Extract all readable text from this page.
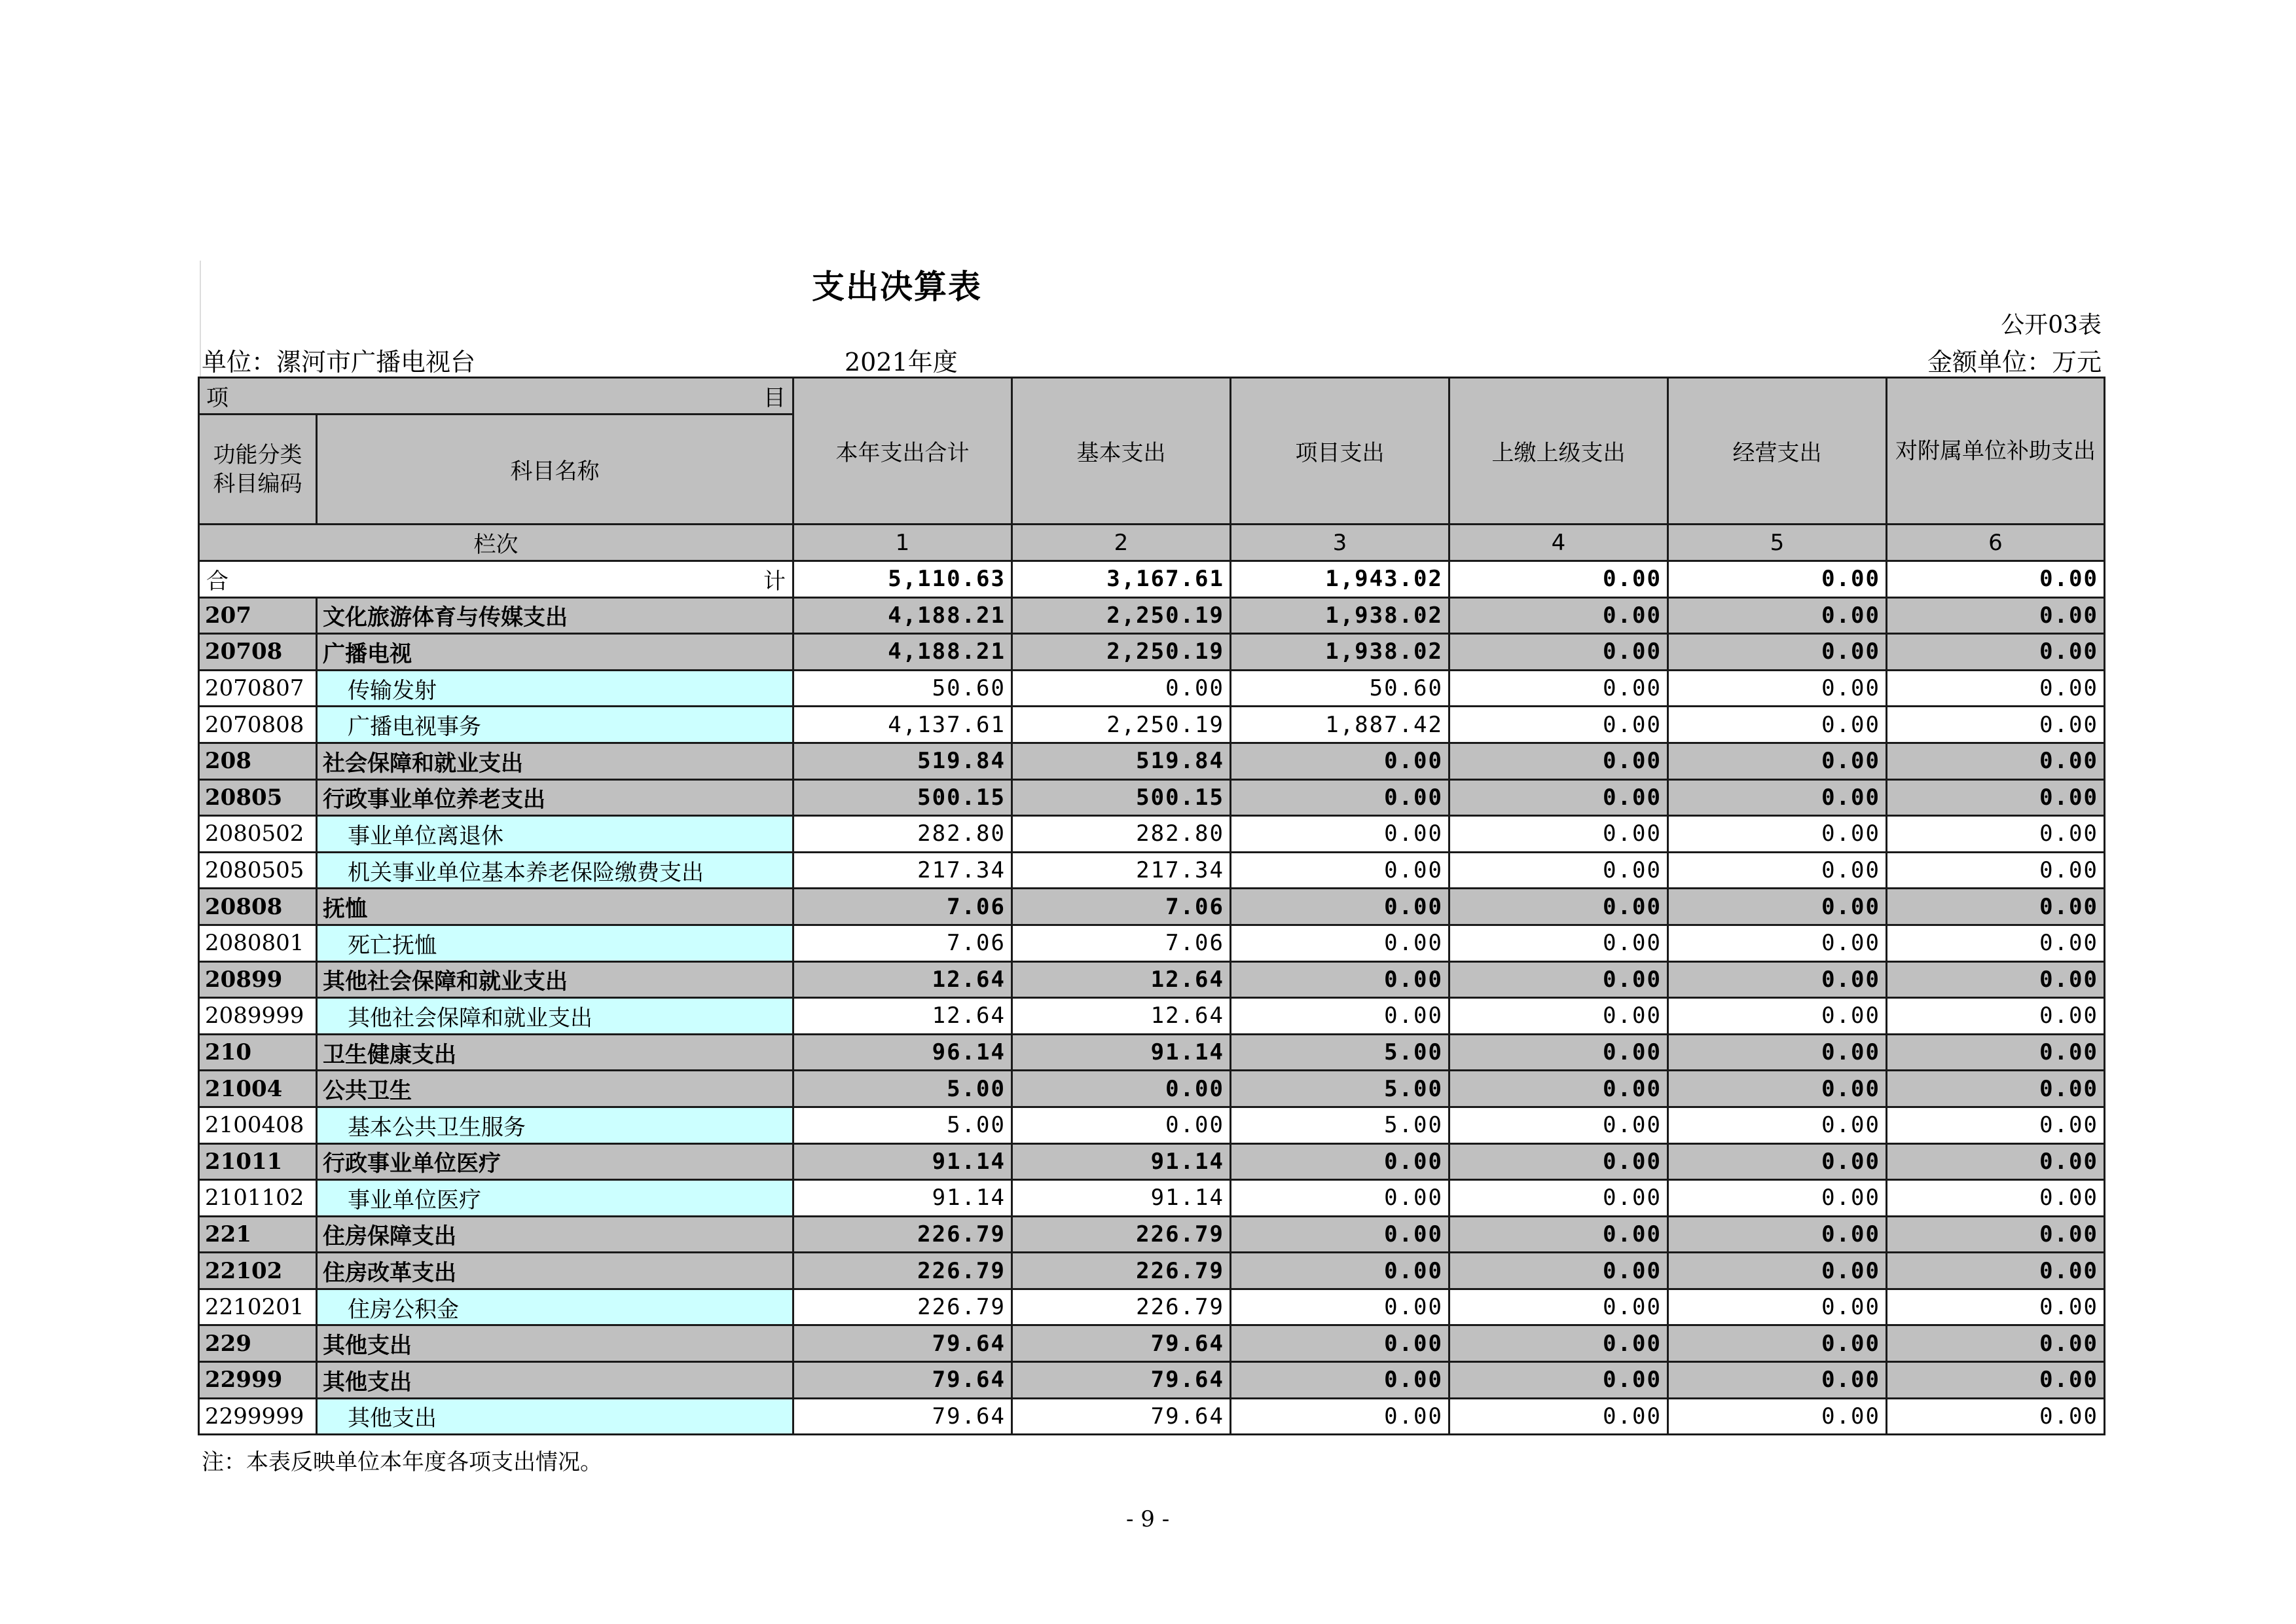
支出决算表
公开03表
单位：漯河市广播电视台	2021年度	金额单位：万元
项 目		本年支出合计	基本支出	项目支出	上缴上级支出	经营支出	对附属单位补助支出
功能分类科目编码	科目名称						
栏次		1	2	3	4	5	6

合 计		5,110.63	3,167.61	1,943.02	0.00	0.00	0.00
207	文化旅游体育与传媒支出	4,188.21	2,250.19	1,938.02	0.00	0.00	0.00
20708	广播电视	4,188.21	2,250.19	1,938.02	0.00	0.00	0.00
2070807	传输发射	50.60	0.00	50.60	0.00	0.00	0.00
2070808	广播电视事务	4,137.61	2,250.19	1,887.42	0.00	0.00	0.00
208	社会保障和就业支出	519.84	519.84	0.00	0.00	0.00	0.00
20805	行政事业单位养老支出	500.15	500.15	0.00	0.00	0.00	0.00
2080502	事业单位离退休	282.80	282.80	0.00	0.00	0.00	0.00
2080505	机关事业单位基本养老保险缴费支出	217.34	217.34	0.00	0.00	0.00	0.00
20808	抚恤	7.06	7.06	0.00	0.00	0.00	0.00
2080801	死亡抚恤	7.06	7.06	0.00	0.00	0.00	0.00
20899	其他社会保障和就业支出	12.64	12.64	0.00	0.00	0.00	0.00
2089999	其他社会保障和就业支出	12.64	12.64	0.00	0.00	0.00	0.00
210	卫生健康支出	96.14	91.14	5.00	0.00	0.00	0.00
21004	公共卫生	5.00	0.00	5.00	0.00	0.00	0.00
2100408	基本公共卫生服务	5.00	0.00	5.00	0.00	0.00	0.00
21011	行政事业单位医疗	91.14	91.14	0.00	0.00	0.00	0.00
2101102	事业单位医疗	91.14	91.14	0.00	0.00	0.00	0.00
221	住房保障支出	226.79	226.79	0.00	0.00	0.00	0.00
22102	住房改革支出	226.79	226.79	0.00	0.00	0.00	0.00
2210201	住房公积金	226.79	226.79	0.00	0.00	0.00	0.00
229	其他支出	79.64	79.64	0.00	0.00	0.00	0.00
22999	其他支出	79.64	79.64	0.00	0.00	0.00	0.00
2299999	其他支出	79.64	79.64	0.00	0.00	0.00	0.00
注：本表反映单位本年度各项支出情况。
- 9 -
